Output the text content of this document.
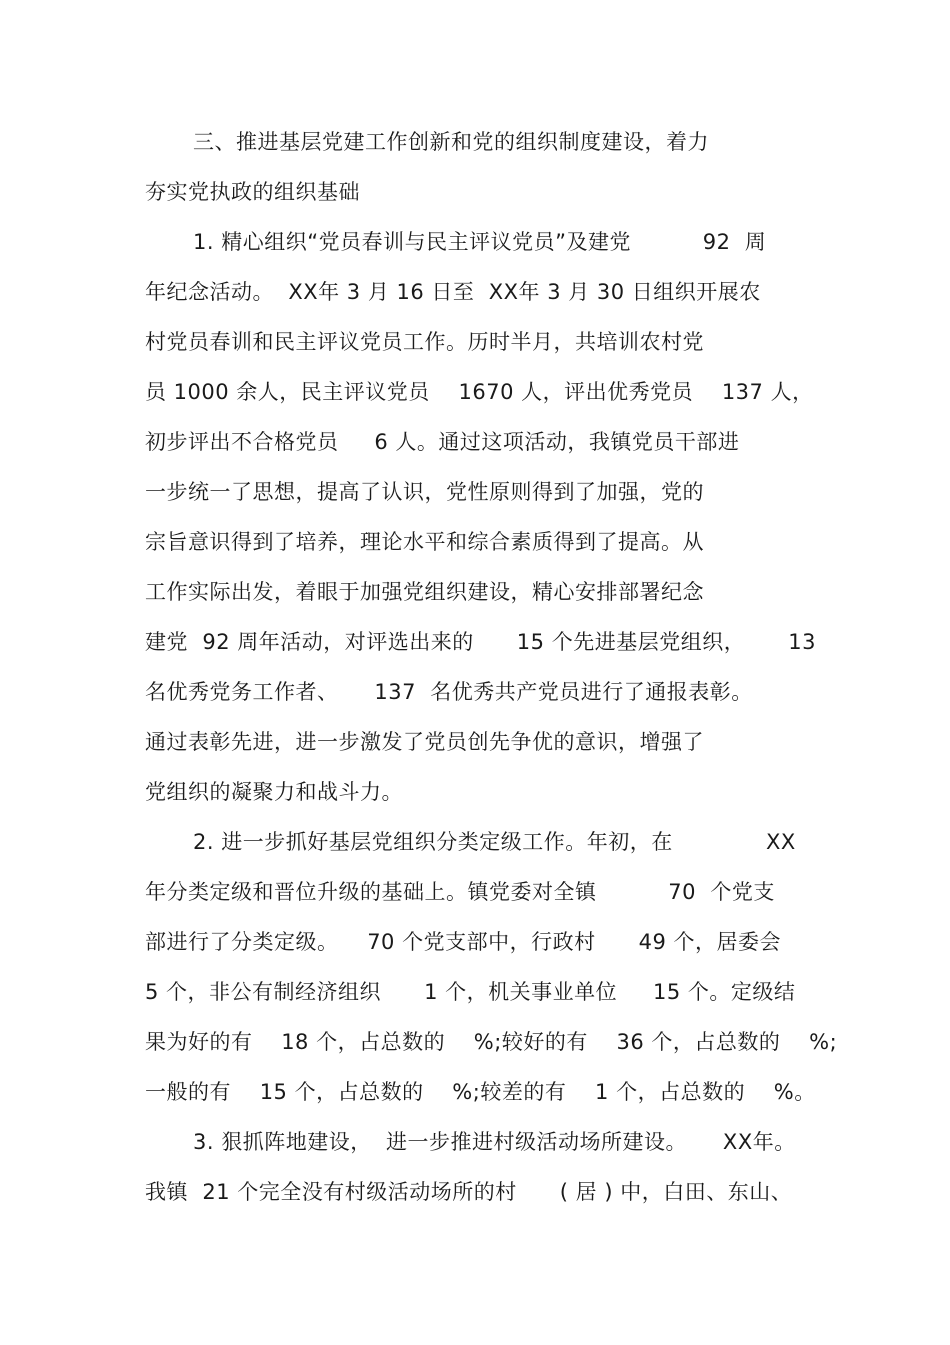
三、推进基层党建工作创新和党的组织制度建设，着力
夯实党执政的组织基础
1. 精心组织“党员春训与民主评议党员”及建党          92  周
年纪念活动。  XX年 3 月 16 日至  XX年 3 月 30 日组织开展农
村党员春训和民主评议党员工作。历时半月，共培训农村党
员 1000 余人，民主评议党员    1670 人，评出优秀党员    137 人，
初步评出不合格党员     6 人。通过这项活动，我镇党员干部进
一步统一了思想，提高了认识，党性原则得到了加强，党的
宗旨意识得到了培养，理论水平和综合素质得到了提高。从
工作实际出发，着眼于加强党组织建设，精心安排部署纪念
建党  92 周年活动，对评选出来的      15 个先进基层党组织，      13
名优秀党务工作者、     137  名优秀共产党员进行了通报表彰。
通过表彰先进，进一步激发了党员创先争优的意识，增强了
党组织的凝聚力和战斗力。
2. 进一步抓好基层党组织分类定级工作。年初，在             XX
年分类定级和晋位升级的基础上。镇党委对全镇          70  个党支
部进行了分类定级。    70 个党支部中，行政村      49 个，居委会
5 个，非公有制经济组织      1 个，机关事业单位     15 个。定级结
果为好的有    18 个，占总数的    %;较好的有    36 个，占总数的    %;
一般的有    15 个，占总数的    %;较差的有    1 个，占总数的    %。
3. 狠抓阵地建设，  进一步推进村级活动场所建设。     XX年。
我镇  21 个完全没有村级活动场所的村      ( 居 ) 中，白田、东山、
